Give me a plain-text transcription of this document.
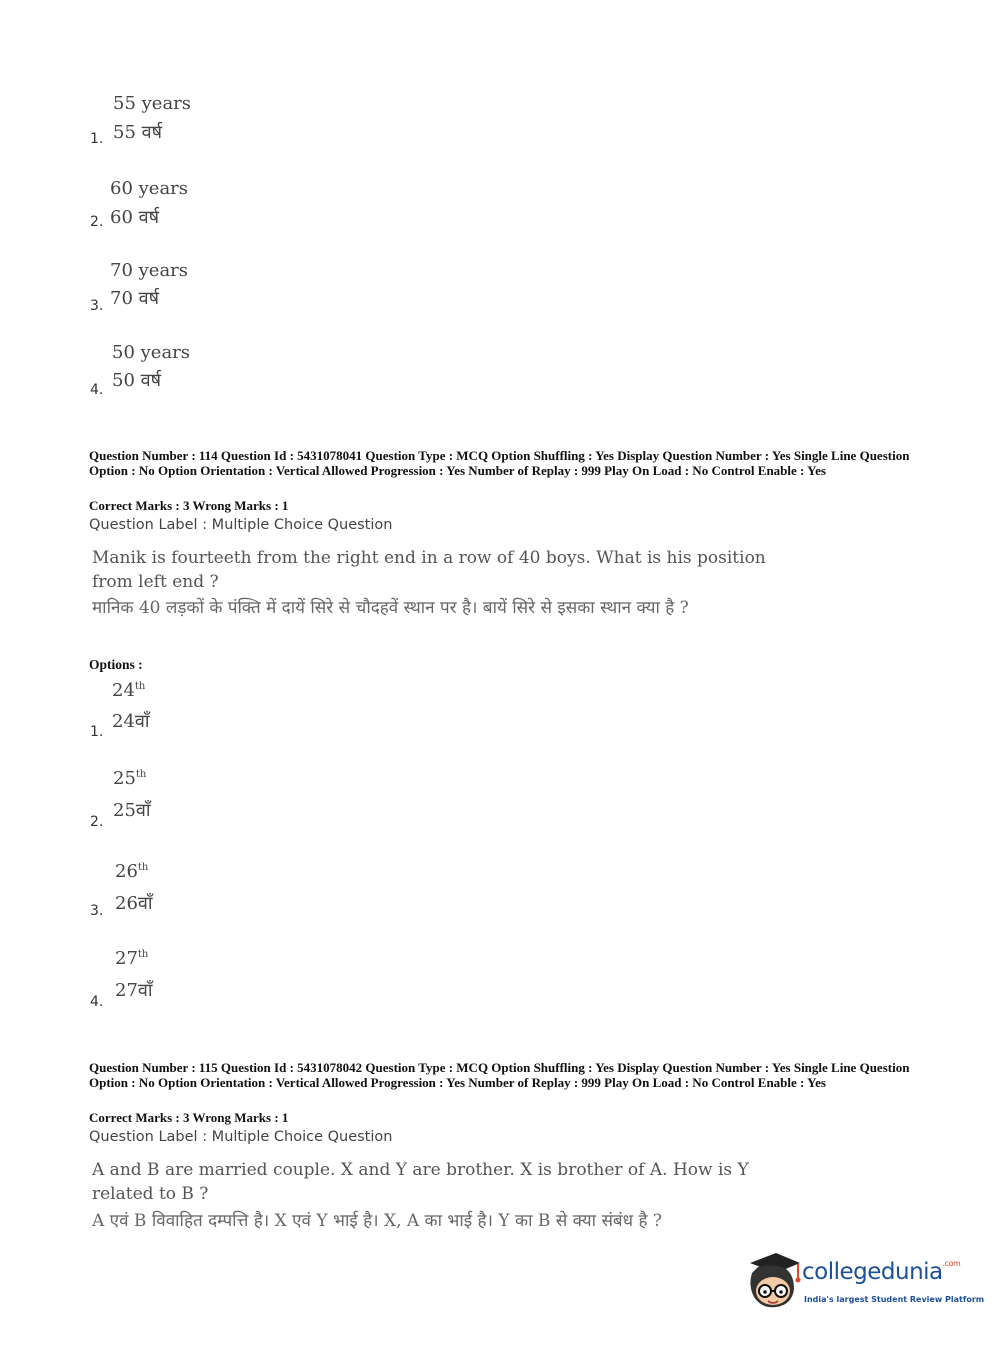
55 years
55 वर्ष
1.
60 years
60 वर्ष
2.
70 years
70 वर्ष
3.
50 years
50 वर्ष
4.
Question Number : 114 Question Id : 5431078041 Question Type : MCQ Option Shuffling : Yes Display Question Number : Yes Single Line Question Option : No Option Orientation : Vertical Allowed Progression : Yes Number of Replay : 999 Play On Load : No Control Enable : Yes
Correct Marks : 3 Wrong Marks : 1
Question Label : Multiple Choice Question
Manik is fourteeth from the right end in a row of 40 boys. What is his position from left end ?
मानिक 40 लड़कों के पंक्ति में दायें सिरे से चौदहवें स्थान पर है। बायें सिरे से इसका स्थान क्या है ?
Options :
24th
24वाँ
1.
25th
25वाँ
2.
26th
26वाँ
3.
27th
27वाँ
4.
Question Number : 115 Question Id : 5431078042 Question Type : MCQ Option Shuffling : Yes Display Question Number : Yes Single Line Question Option : No Option Orientation : Vertical Allowed Progression : Yes Number of Replay : 999 Play On Load : No Control Enable : Yes
Correct Marks : 3 Wrong Marks : 1
Question Label : Multiple Choice Question
A and B are married couple. X and Y are brother. X is brother of A. How is Y related to B ?
A एवं B विवाहित दम्पत्ति है। X एवं Y भाई है। X, A का भाई है। Y का B से क्या संबंध है ?
collegedunia$^{.com}$
India's largest Student Review Platform
